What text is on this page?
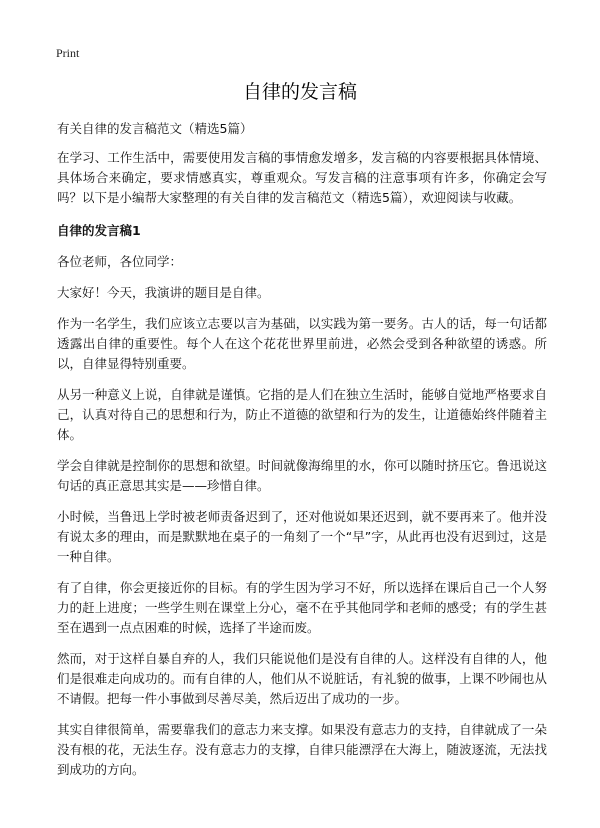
Print
自律的发言稿

有关自律的发言稿范文（精选5篇）

在学习、工作生活中，需要使用发言稿的事情愈发增多，发言稿的内容要根据具体情境、具体场合来确定，要求情感真实，尊重观众。写发言稿的注意事项有许多，你确定会写吗？以下是小编帮大家整理的有关自律的发言稿范文（精选5篇），欢迎阅读与收藏。

自律的发言稿1

各位老师，各位同学：

大家好！今天，我演讲的题目是自律。

作为一名学生，我们应该立志要以言为基础，以实践为第一要务。古人的话，每一句话都透露出自律的重要性。每个人在这个花花世界里前进，必然会受到各种欲望的诱惑。所以，自律显得特别重要。

从另一种意义上说，自律就是谨慎。它指的是人们在独立生活时，能够自觉地严格要求自己，认真对待自己的思想和行为，防止不道德的欲望和行为的发生，让道德始终伴随着主体。

学会自律就是控制你的思想和欲望。时间就像海绵里的水，你可以随时挤压它。鲁迅说这句话的真正意思其实是——珍惜自律。

小时候，当鲁迅上学时被老师责备迟到了，还对他说如果还迟到，就不要再来了。他并没有说太多的理由，而是默默地在桌子的一角刻了一个“早”字，从此再也没有迟到过，这是一种自律。

有了自律，你会更接近你的目标。有的学生因为学习不好，所以选择在课后自己一个人努力的赶上进度；一些学生则在课堂上分心，毫不在乎其他同学和老师的感受；有的学生甚至在遇到一点点困难的时候，选择了半途而废。

然而，对于这样自暴自弃的人，我们只能说他们是没有自律的人。这样没有自律的人，他们是很难走向成功的。而有自律的人，他们从不说脏话，有礼貌的做事，上课不吵闹也从不请假。把每一件小事做到尽善尽美，然后迈出了成功的一步。

其实自律很简单，需要靠我们的意志力来支撑。如果没有意志力的支持，自律就成了一朵没有根的花，无法生存。没有意志力的支撑，自律只能漂浮在大海上，随波逐流，无法找到成功的方向。
